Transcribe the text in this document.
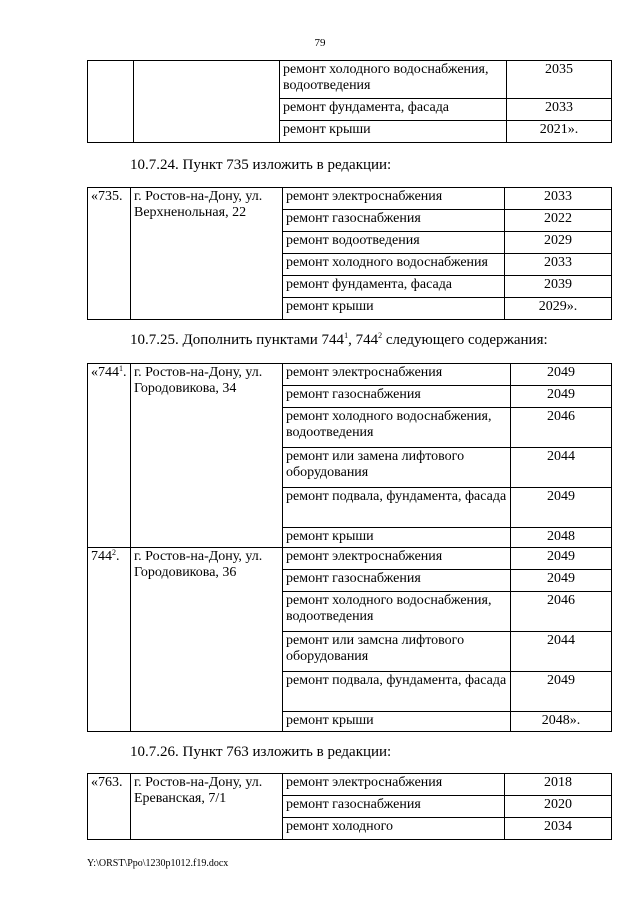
79
		ремонт холодного водоснабжения, водоотведения	2035
		ремонт фундамента, фасада	2033
		ремонт крыши	2021».
10.7.24. Пункт 735 изложить в редакции:
«735.	г. Ростов-на-Дону, ул. Верхненольная, 22	ремонт электроснабжения	2033
		ремонт газоснабжения	2022
		ремонт водоотведения	2029
		ремонт холодного водоснабжения	2033
		ремонт фундамента, фасада	2039
		ремонт крыши	2029».
10.7.25. Дополнить пунктами $744^1$, $744^2$ следующего содержания:
«$744^1$.	г. Ростов-на-Дону, ул. Городовикова, 34	ремонт электроснабжения	2049
		ремонт газоснабжения	2049
		ремонт холодного водоснабжения, водоотведения	2046
		ремонт или замена лифтового оборудования	2044
		ремонт подвала, фундамента, фасада	2049
		ремонт крыши	2048
$744^2$.	г. Ростов-на-Дону, ул. Городовикова, 36	ремонт электроснабжения	2049
		ремонт газоснабжения	2049
		ремонт холодного водоснабжения, водоотведения	2046
		ремонт или замсна лифтового оборудования	2044
		ремонт подвала, фундамента, фасада	2049
		ремонт крыши	2048».
10.7.26. Пункт 763 изложить в редакции:
«763.	г. Ростов-на-Дону, ул. Ереванская, 7/1	ремонт электроснабжения	2018
		ремонт газоснабжения	2020
		ремонт холодного	2034
Y:\ORST\Ppo\1230p1012.f19.docx
